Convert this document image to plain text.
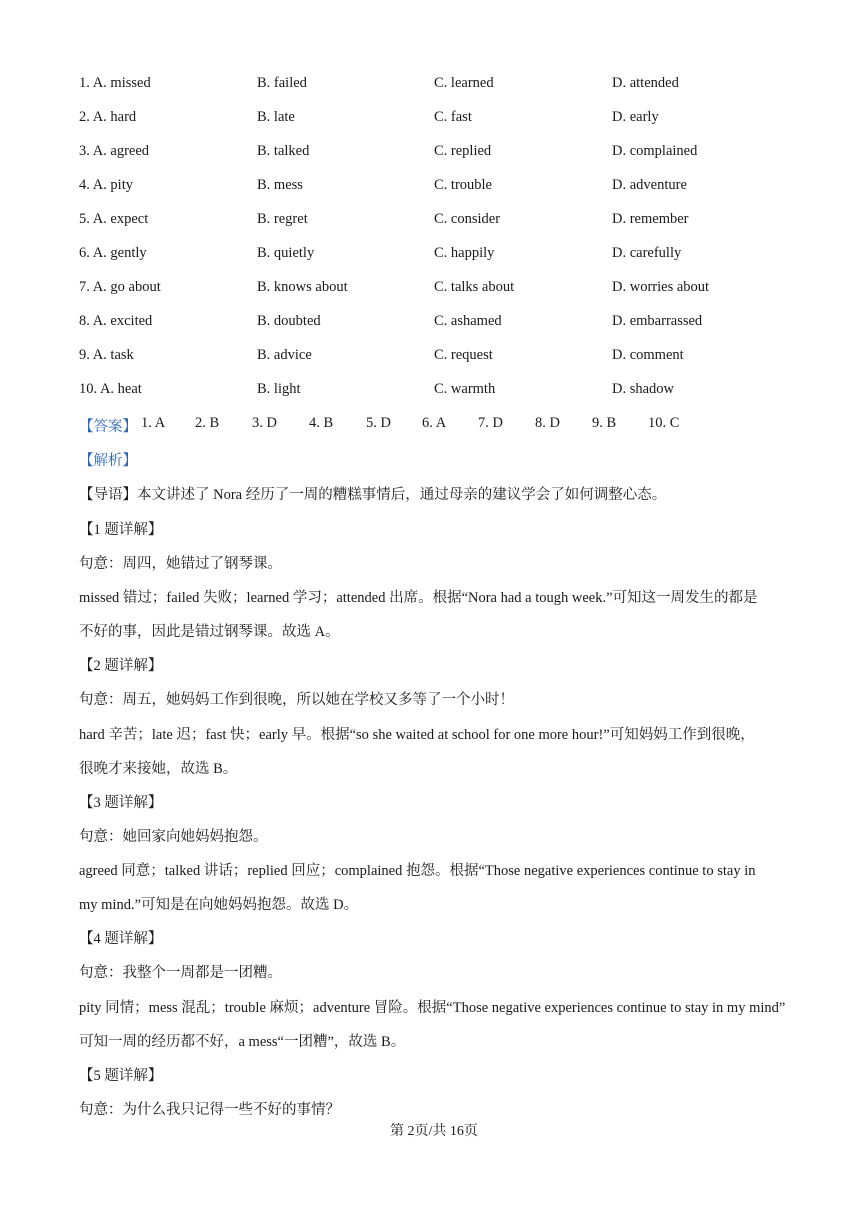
1. A. missed	B. failed	C. learned	D. attended
2. A. hard	B. late	C. fast	D. early
3. A. agreed	B. talked	C. replied	D. complained
4. A. pity	B. mess	C. trouble	D. adventure
5. A. expect	B. regret	C. consider	D. remember
6. A. gently	B. quietly	C. happily	D. carefully
7. A. go about	B. knows about	C. talks about	D. worries about
8. A. excited	B. doubted	C. ashamed	D. embarrassed
9. A. task	B. advice	C. request	D. comment
10. A. heat	B. light	C. warmth	D. shadow
【答案】 1. A 2. B 3. D 4. B 5. D 6. A 7. D 8. D 9. B 10. C
【解析】
【导语】本文讲述了 Nora 经历了一周的糟糕事情后，通过母亲的建议学会了如何调整心态。
【1 题详解】
句意：周四，她错过了钢琴课。
missed 错过；failed 失败；learned 学习；attended 出席。根据“Nora had a tough week.”可知这一周发生的都是
不好的事，因此是错过钢琴课。故选 A。
【2 题详解】
句意：周五，她妈妈工作到很晚，所以她在学校又多等了一个小时！
hard 辛苦；late 迟；fast 快；early 早。根据“so she waited at school for one more hour!”可知妈妈工作到很晚，
很晚才来接她，故选 B。
【3 题详解】
句意：她回家向她妈妈抱怨。
agreed 同意；talked 讲话；replied 回应；complained 抱怨。根据“Those negative experiences continue to stay in
my mind.”可知是在向她妈妈抱怨。故选 D。
【4 题详解】
句意：我整个一周都是一团糟。
pity 同情；mess 混乱；trouble 麻烦；adventure 冒险。根据“Those negative experiences continue to stay in my mind”
可知一周的经历都不好，a mess“一团糟”，故选 B。
【5 题详解】
句意：为什么我只记得一些不好的事情？
第 2页/共 16页
